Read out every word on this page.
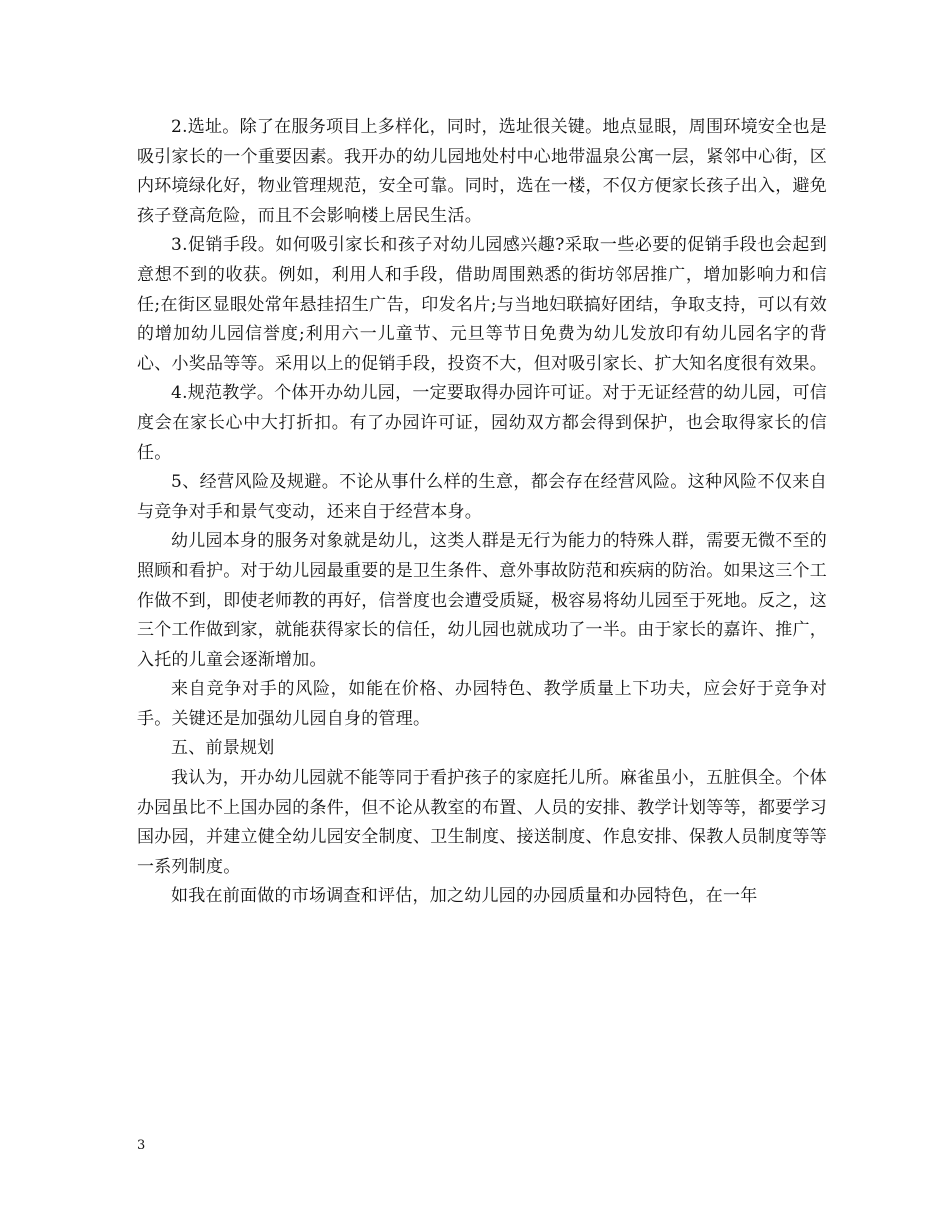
2.选址。除了在服务项目上多样化，同时，选址很关键。地点显眼，周围环境安全也是吸引家长的一个重要因素。我开办的幼儿园地处村中心地带温泉公寓一层，紧邻中心街，区内环境绿化好，物业管理规范，安全可靠。同时，选在一楼，不仅方便家长孩子出入，避免孩子登高危险，而且不会影响楼上居民生活。

3.促销手段。如何吸引家长和孩子对幼儿园感兴趣?采取一些必要的促销手段也会起到意想不到的收获。例如，利用人和手段，借助周围熟悉的街坊邻居推广，增加影响力和信任;在街区显眼处常年悬挂招生广告，印发名片;与当地妇联搞好团结，争取支持，可以有效的增加幼儿园信誉度;利用六一儿童节、元旦等节日免费为幼儿发放印有幼儿园名字的背心、小奖品等等。采用以上的促销手段，投资不大，但对吸引家长、扩大知名度很有效果。

4.规范教学。个体开办幼儿园，一定要取得办园许可证。对于无证经营的幼儿园，可信度会在家长心中大打折扣。有了办园许可证，园幼双方都会得到保护，也会取得家长的信任。

5、经营风险及规避。不论从事什么样的生意，都会存在经营风险。这种风险不仅来自与竞争对手和景气变动，还来自于经营本身。

幼儿园本身的服务对象就是幼儿，这类人群是无行为能力的特殊人群，需要无微不至的照顾和看护。对于幼儿园最重要的是卫生条件、意外事故防范和疾病的防治。如果这三个工作做不到，即使老师教的再好，信誉度也会遭受质疑，极容易将幼儿园至于死地。反之，这三个工作做到家，就能获得家长的信任，幼儿园也就成功了一半。由于家长的嘉许、推广，入托的儿童会逐渐增加。

来自竞争对手的风险，如能在价格、办园特色、教学质量上下功夫，应会好于竞争对手。关键还是加强幼儿园自身的管理。

五、前景规划

我认为，开办幼儿园就不能等同于看护孩子的家庭托儿所。麻雀虽小，五脏俱全。个体办园虽比不上国办园的条件，但不论从教室的布置、人员的安排、教学计划等等，都要学习国办园，并建立健全幼儿园安全制度、卫生制度、接送制度、作息安排、保教人员制度等等一系列制度。

如我在前面做的市场调查和评估，加之幼儿园的办园质量和办园特色，在一年

3
